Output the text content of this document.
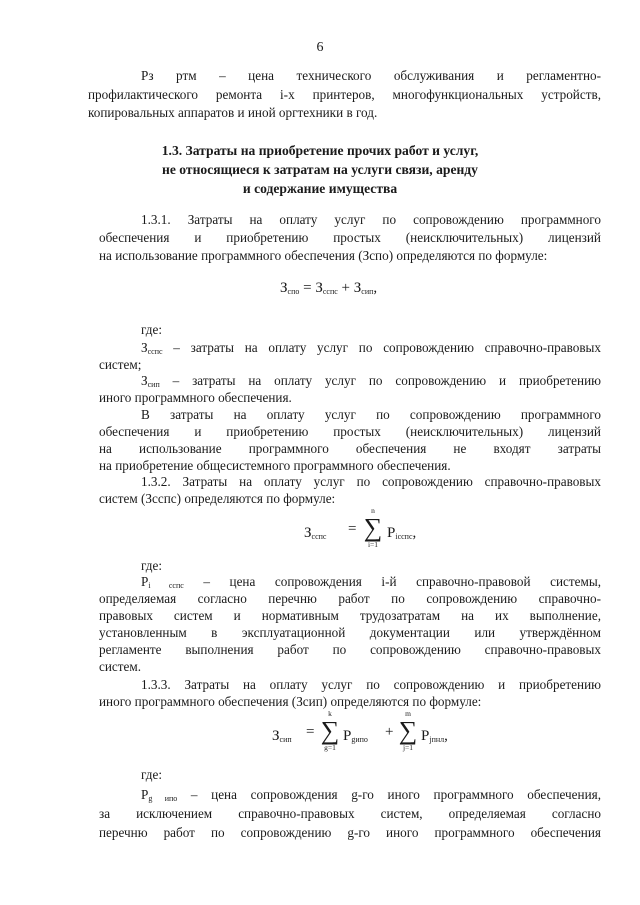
6
Pз ртм – цена технического обслуживания и регламентно-
профилактического ремонта i-х принтеров, многофункциональных устройств,
копировальных аппаратов и иной оргтехники в год.
1.3. Затраты на приобретение прочих работ и услуг,
не относящиеся к затратам на услуги связи, аренду
и содержание имущества
1.3.1. Затраты на оплату услуг по сопровождению программного
обеспечения и приобретению простых (неисключительных) лицензий
на использование программного обеспечения (Зспо) определяются по формуле:
Зспо = Зсспс + Зсип,
где:
Зсспс – затраты на оплату услуг по сопровождению справочно-правовых
систем;
Зсип – затраты на оплату услуг по сопровождению и приобретению
иного программного обеспечения.
В затраты на оплату услуг по сопровождению программного
обеспечения и приобретению простых (неисключительных) лицензий
на использование программного обеспечения не входят затраты
на приобретение общесистемного программного обеспечения.
1.3.2. Затраты на оплату услуг по сопровождению справочно-правовых
систем (Зсспс) определяются по формуле:
Зсспс =
n
∑
i=1
Piсспс,
где:
Pi сспс – цена сопровождения i-й справочно-правовой системы,
определяемая согласно перечню работ по сопровождению справочно-
правовых систем и нормативным трудозатратам на их выполнение,
установленным в эксплуатационной документации или утверждённом
регламенте выполнения работ по сопровождению справочно-правовых
систем.
1.3.3. Затраты на оплату услуг по сопровождению и приобретению
иного программного обеспечения (Зсип) определяются по формуле:
Зсип =
k
∑
g=1
Pgипо +
m
∑
j=1
Pjпнл,
где:
Pg ипо – цена сопровождения g-го иного программного обеспечения,
за исключением справочно-правовых систем, определяемая согласно
перечню работ по сопровождению g-го иного программного обеспечения
